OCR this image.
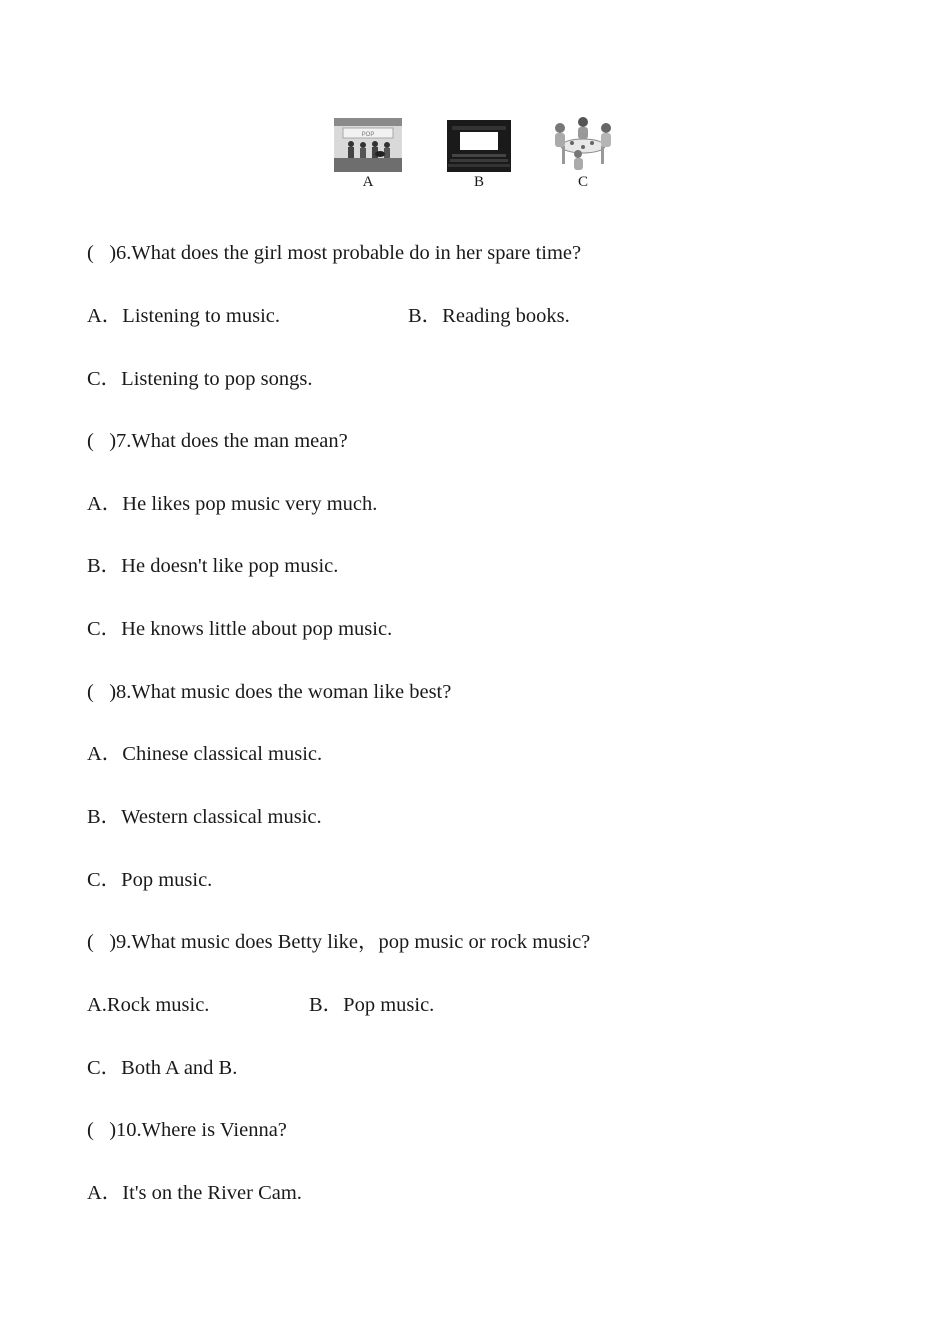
POP
A	B	C
(   )6.What does the girl most probable do in her spare time?
A．Listening to music.	B．Reading books.
C．Listening to pop songs.
(   )7.What does the man mean?
A．He likes pop music very much.
B．He doesn't like pop music.
C．He knows little about pop music.
(   )8.What music does the woman like best?
A．Chinese classical music.
B．Western classical music.
C．Pop music.
(   )9.What music does Betty like，pop music or rock music?
A.Rock music.	B．Pop music.
C．Both A and B.
(   )10.Where is Vienna?
A．It's on the River Cam.
